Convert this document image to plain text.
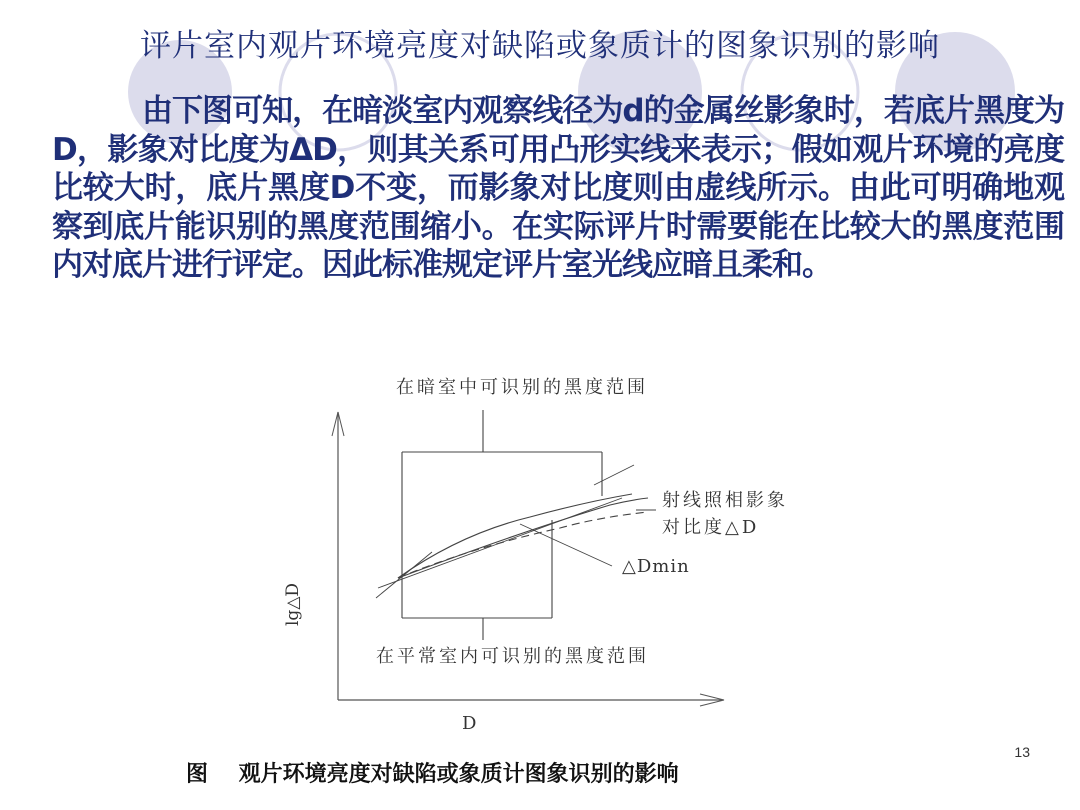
评片室内观片环境亮度对缺陷或象质计的图象识别的影响
由下图可知，在暗淡室内观察线径为d的金属丝影象时，若底片黑度为D，影象对比度为ΔD，则其关系可用凸形实线来表示；假如观片环境的亮度比较大时，底片黑度D不变，而影象对比度则由虚线所示。由此可明确地观察到底片能识别的黑度范围缩小。在实际评片时需要能在比较大的黑度范围内对底片进行评定。因此标准规定评片室光线应暗且柔和。
在暗室中可识别的黑度范围
在平常室内可识别的黑度范围
射线照相影象
对比度△D
△Dmin
lg△D
D
图    观片环境亮度对缺陷或象质计图象识别的影响
13
